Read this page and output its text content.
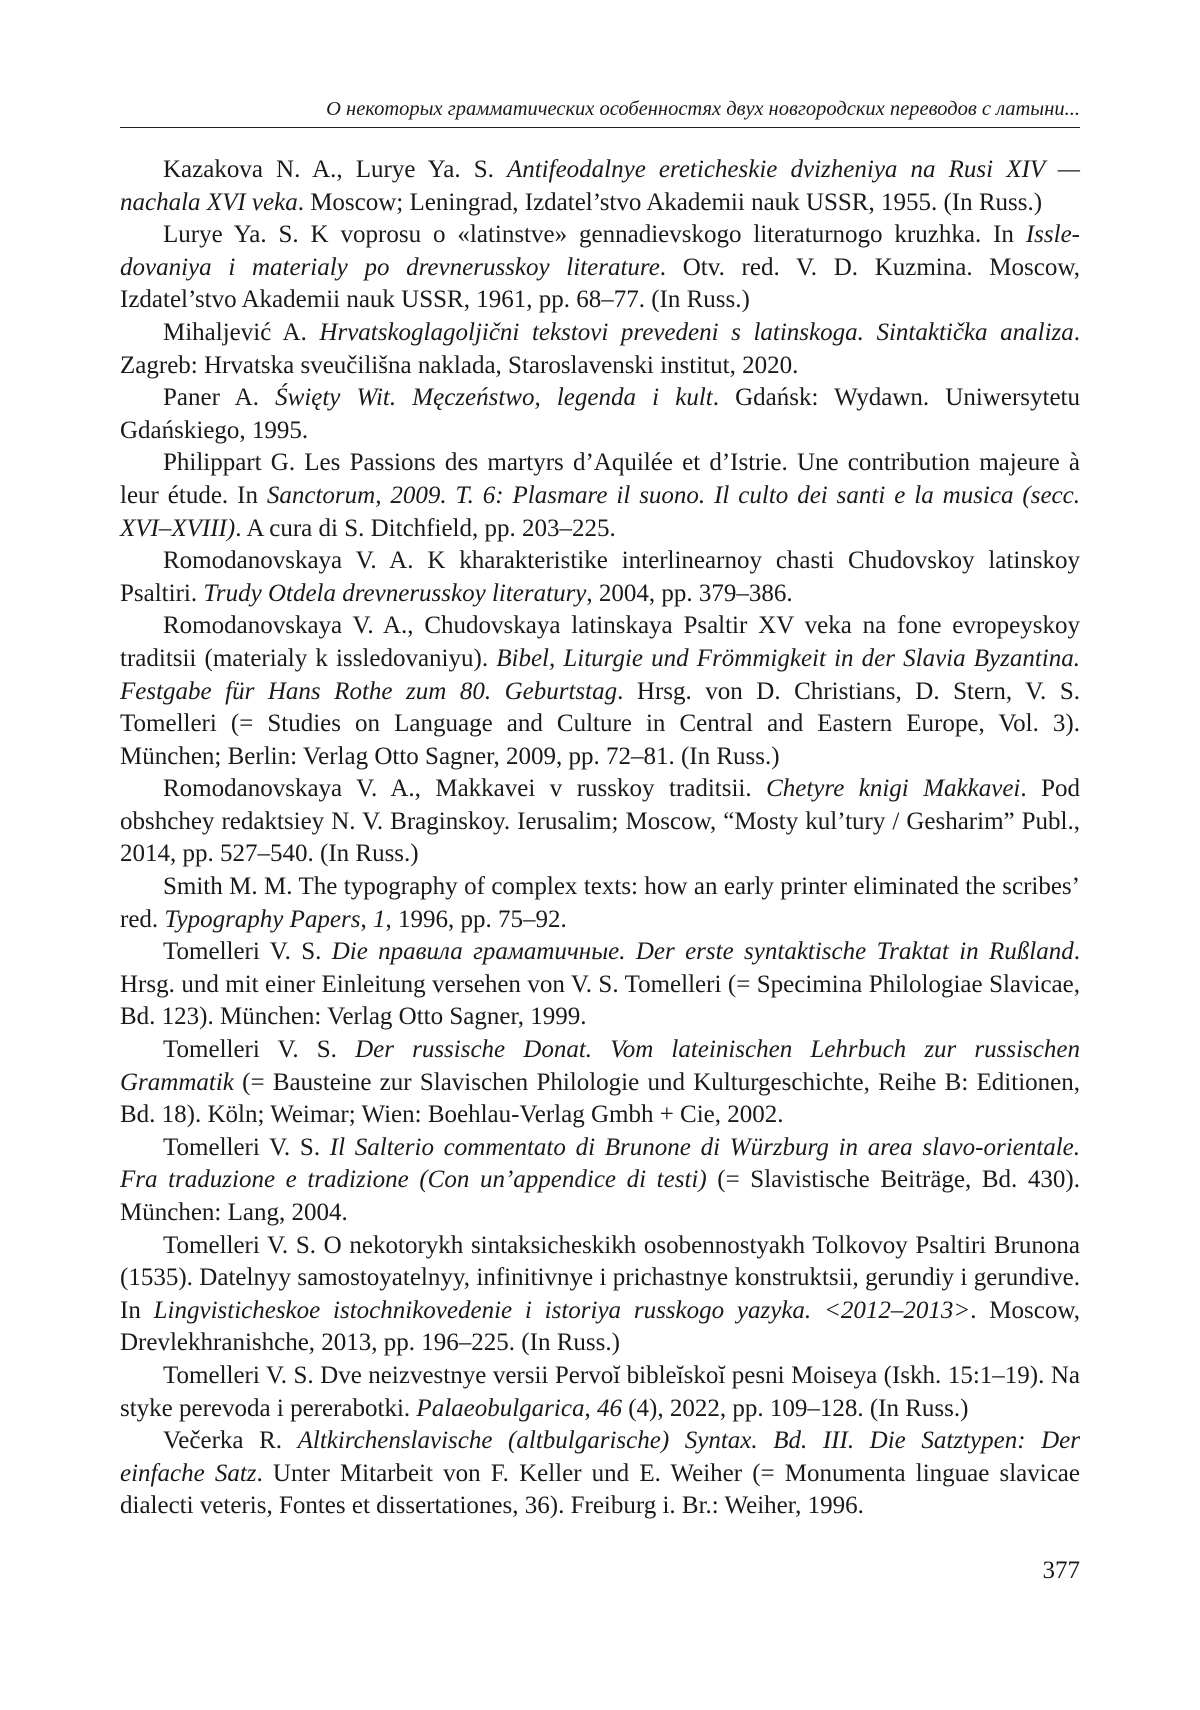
О некоторых грамматических особенностях двух новгородских переводов с латыни...

Kazakova N. A., Lurye Ya. S. Antifeodalnye ereticheskie dvizheniya na Rusi XIV — nachala XVI veka. Moscow; Leningrad, Izdatel’stvo Akademii nauk USSR, 1955. (In Russ.)

Lurye Ya. S. K voprosu o «latinstve» gennadievskogo literaturnogo kruzhka. In Issledovaniya i materialy po drevnerusskoy literature. Otv. red. V. D. Kuzmina. Moscow, Izdatel’stvo Akademii nauk USSR, 1961, pp. 68–77. (In Russ.)

Mihaljević A. Hrvatskoglagoljični tekstovi prevedeni s latinskoga. Sintaktička analiza. Zagreb: Hrvatska sveučilišna naklada, Staroslavenski institut, 2020.

Paner A. Święty Wit. Męczeństwo, legenda i kult. Gdańsk: Wydawn. Uniwersytetu Gdańskiego, 1995.

Philippart G. Les Passions des martyrs d’Aquilée et d’Istrie. Une contribution majeure à leur étude. In Sanctorum, 2009. T. 6: Plasmare il suono. Il culto dei santi e la musica (secc. XVI–XVIII). A cura di S. Ditchfield, pp. 203–225.

Romodanovskaya V. A. K kharakteristike interlinearnoy chasti Chudovskoy latinskoy Psaltiri. Trudy Otdela drevnerusskoy literatury, 2004, pp. 379–386.

Romodanovskaya V. A., Chudovskaya latinskaya Psaltir XV veka na fone evropeyskoy traditsii (materialy k issledovaniyu). Bibel, Liturgie und Frömmigkeit in der Slavia Byzantina. Festgabe für Hans Rothe zum 80. Geburtstag. Hrsg. von D. Christians, D. Stern, V. S. Tomelleri (= Studies on Language and Culture in Central and Eastern Europe, Vol. 3). München; Berlin: Verlag Otto Sagner, 2009, pp. 72–81. (In Russ.)

Romodanovskaya V. A., Makkavei v russkoy traditsii. Chetyre knigi Makkavei. Pod obshchey redaktsiey N. V. Braginskoy. Ierusalim; Moscow, “Mosty kul’tury / Gesharim” Publ., 2014, pp. 527–540. (In Russ.)

Smith M. M. The typography of complex texts: how an early printer eliminated the scribes’ red. Typography Papers, 1, 1996, pp. 75–92.

Tomelleri V. S. Die правила граматичные. Der erste syntaktische Traktat in Rußland. Hrsg. und mit einer Einleitung versehen von V. S. Tomelleri (= Specimina Philologiae Slavicae, Bd. 123). München: Verlag Otto Sagner, 1999.

Tomelleri V. S. Der russische Donat. Vom lateinischen Lehrbuch zur russischen Grammatik (= Bausteine zur Slavischen Philologie und Kulturgeschichte, Reihe B: Editionen, Bd. 18). Köln; Weimar; Wien: Boehlau-Verlag Gmbh + Cie, 2002.

Tomelleri V. S. Il Salterio commentato di Brunone di Würzburg in area slavo-orientale. Fra traduzione e tradizione (Con un’appendice di testi) (= Slavistische Beiträge, Bd. 430). München: Lang, 2004.

Tomelleri V. S. O nekotorykh sintaksicheskikh osobennostyakh Tolkovoy Psaltiri Brunona (1535). Datelnyy samostoyatelnyy, infinitivnye i prichastnye konstruktsii, gerundiy i gerundive. In Lingvisticheskoe istochnikovedenie i istoriya russkogo yazyka. <2012–2013>. Moscow, Drevlekhranishche, 2013, pp. 196–225. (In Russ.)

Tomelleri V. S. Dve neizvestnye versii Pervoĭ bibleĭskoĭ pesni Moiseya (Iskh. 15:1–19). Na styke perevoda i pererabotki. Palaeobulgarica, 46 (4), 2022, pp. 109–128. (In Russ.)

Večerka R. Altkirchenslavische (altbulgarische) Syntax. Bd. III. Die Satztypen: Der einfache Satz. Unter Mitarbeit von F. Keller und E. Weiher (= Monumenta linguae slavicae dialecti veteris, Fontes et dissertationes, 36). Freiburg i. Br.: Weiher, 1996.

377
